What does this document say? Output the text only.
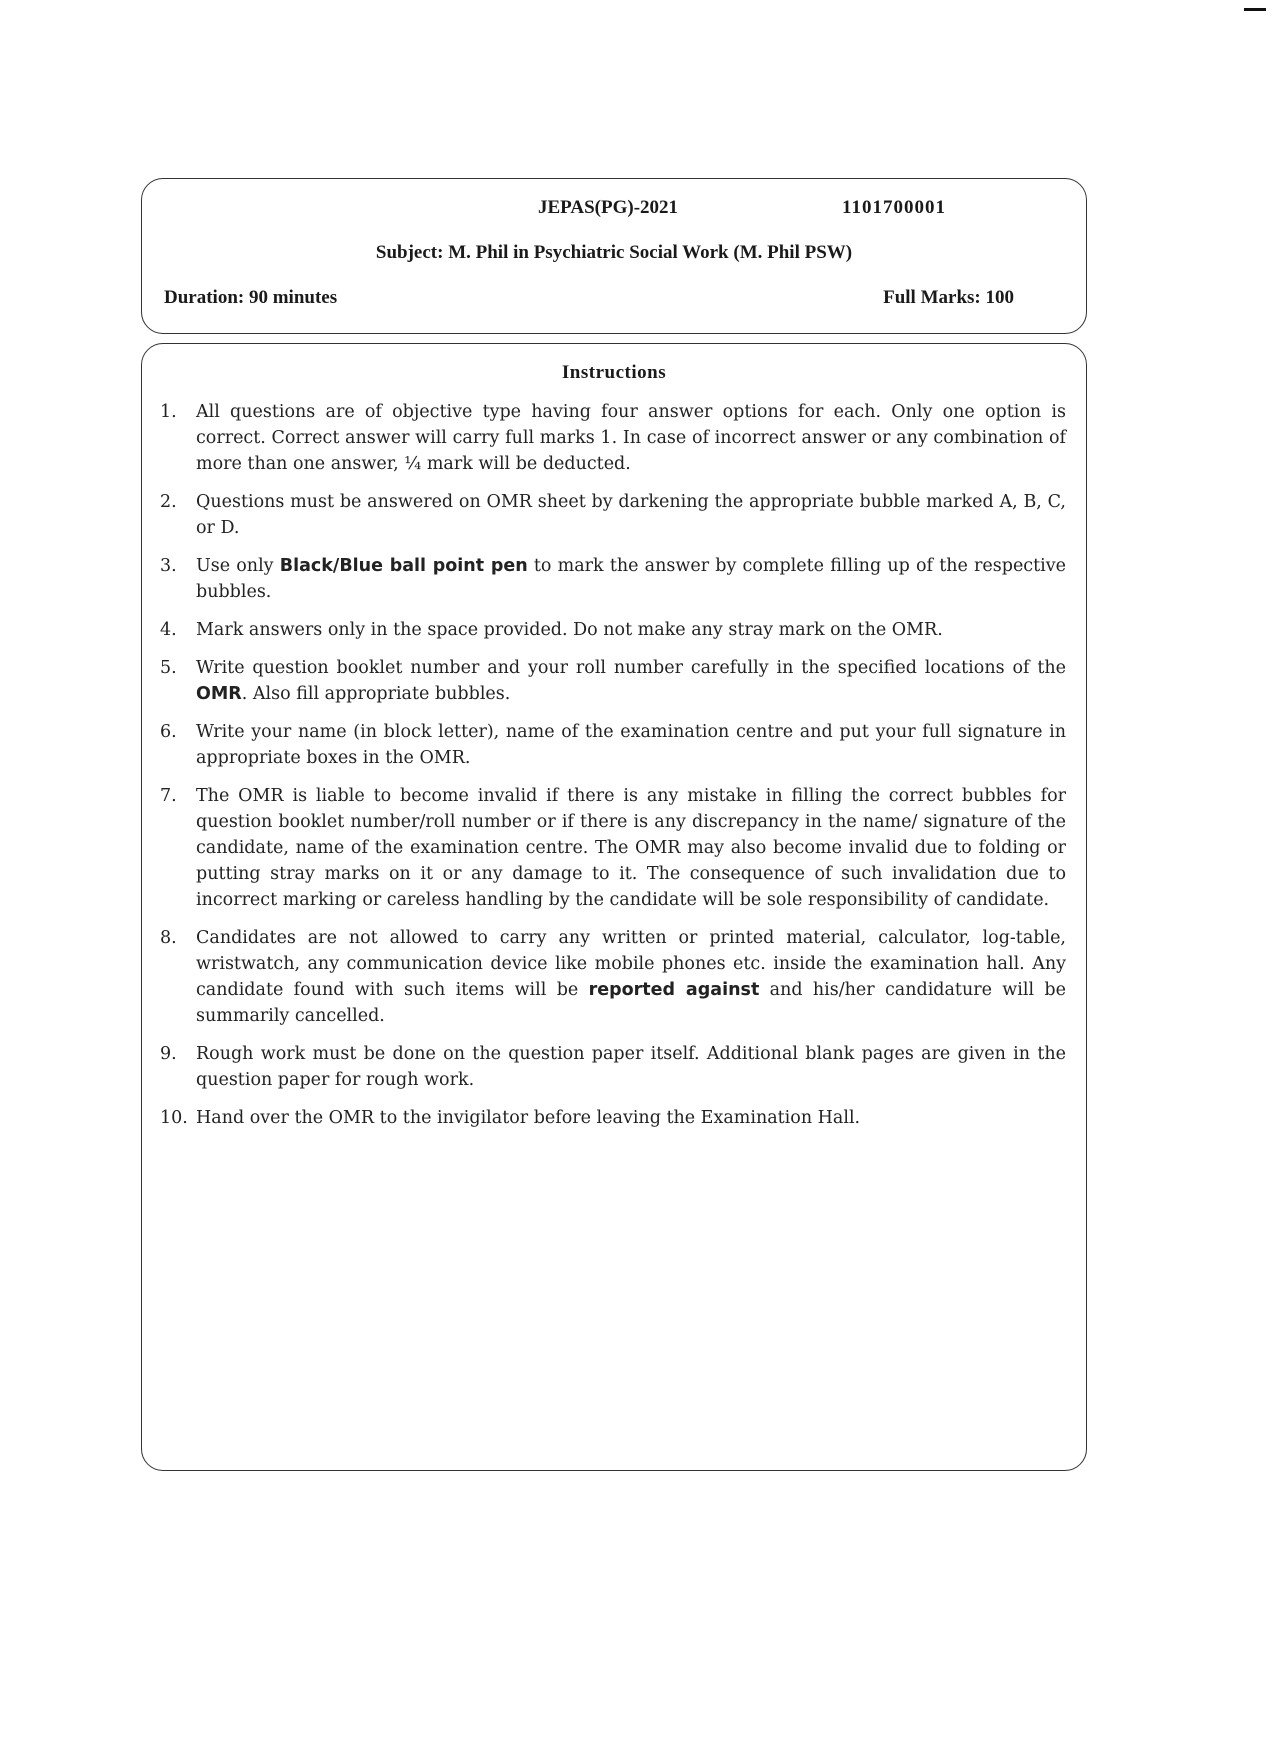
JEPAS(PG)-2021	1101700001
Subject: M. Phil in Psychiatric Social Work (M. Phil PSW)
Duration: 90 minutes	Full Marks: 100
Instructions
1.	All questions are of objective type having four answer options for each. Only one option is correct. Correct answer will carry full marks 1. In case of incorrect answer or any combination of more than one answer, ¼ mark will be deducted.
2.	Questions must be answered on OMR sheet by darkening the appropriate bubble marked A, B, C, or D.
3.	Use only Black/Blue ball point pen to mark the answer by complete filling up of the respective bubbles.
4.	Mark answers only in the space provided. Do not make any stray mark on the OMR.
5.	Write question booklet number and your roll number carefully in the specified locations of the OMR. Also fill appropriate bubbles.
6.	Write your name (in block letter), name of the examination centre and put your full signature in appropriate boxes in the OMR.
7.	The OMR is liable to become invalid if there is any mistake in filling the correct bubbles for question booklet number/roll number or if there is any discrepancy in the name/ signature of the candidate, name of the examination centre. The OMR may also become invalid due to folding or putting stray marks on it or any damage to it. The consequence of such invalidation due to incorrect marking or careless handling by the candidate will be sole responsibility of candidate.
8.	Candidates are not allowed to carry any written or printed material, calculator, log-table, wristwatch, any communication device like mobile phones etc. inside the examination hall. Any candidate found with such items will be reported against and his/her candidature will be summarily cancelled.
9.	Rough work must be done on the question paper itself. Additional blank pages are given in the question paper for rough work.
10. Hand over the OMR to the invigilator before leaving the Examination Hall.
